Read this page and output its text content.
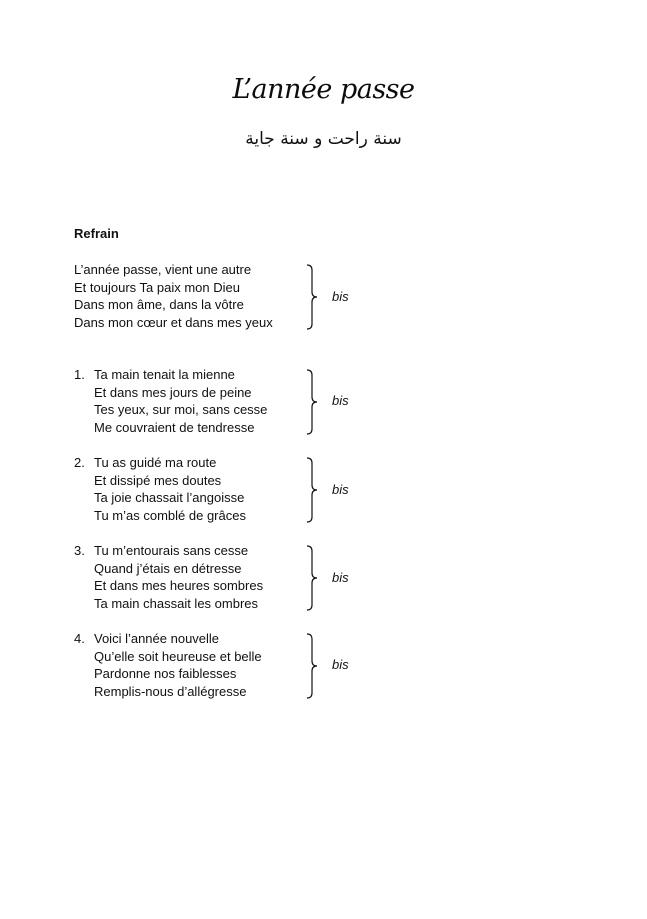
L’année passe
سنة راحت و سنة جاية
Refrain
L’année passe, vient une autre
Et toujours Ta paix mon Dieu
Dans mon âme, dans la vôtre
Dans mon cœur et dans mes yeux
bis
1. Ta main tenait la mienne
Et dans mes jours de peine
Tes yeux, sur moi, sans cesse
Me couvraient de tendresse
bis
2. Tu as guidé ma route
Et dissipé mes doutes
Ta joie chassait l’angoisse
Tu m’as comblé de grâces
bis
3. Tu m’entourais sans cesse
Quand j’étais en détresse
Et dans mes heures sombres
Ta main chassait les ombres
bis
4. Voici l’année nouvelle
Qu’elle soit heureuse et belle
Pardonne nos faiblesses
Remplis-nous d’allégresse
bis
